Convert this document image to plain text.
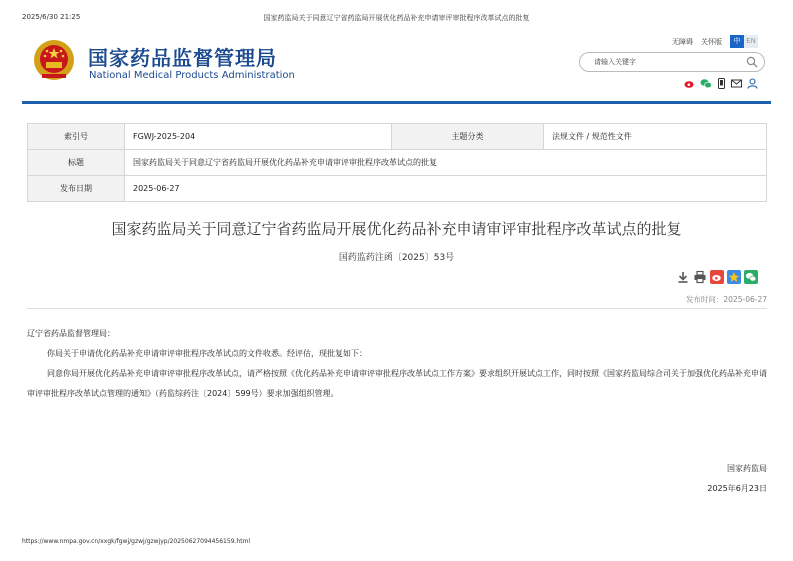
2025/6/30 21:25	国家药监局关于同意辽宁省药监局开展优化药品补充申请审评审批程序改革试点的批复
国家药品监督管理局
National Medical Products Administration
无障碍 关怀版	中 EN
请输入关键字
索引号	FGWJ-2025-204	主题分类	法规文件 / 规范性文件
标题	国家药监局关于同意辽宁省药监局开展优化药品补充申请审评审批程序改革试点的批复		
发布日期	2025-06-27		
国家药监局关于同意辽宁省药监局开展优化药品补充申请审评审批程序改革试点的批复
国药监药注函〔2025〕53号
发布时间：2025-06-27

辽宁省药品监督管理局：

你局关于申请优化药品补充申请审评审批程序改革试点的文件收悉。经评估，现批复如下：

同意你局开展优化药品补充申请审评审批程序改革试点，请严格按照《优化药品补充申请审评审批程序改革试点工作方案》要求组织开展试点工作，同时按照《国家药监局综合司关于加强优化药品补充申请审评审批程序改革试点管理的通知》（药监综药注〔2024〕599号）要求加强组织管理。

国家药监局
2025年6月23日
https://www.nmpa.gov.cn/xxgk/fgwj/gzwj/gzwjyp/20250627094456159.html
